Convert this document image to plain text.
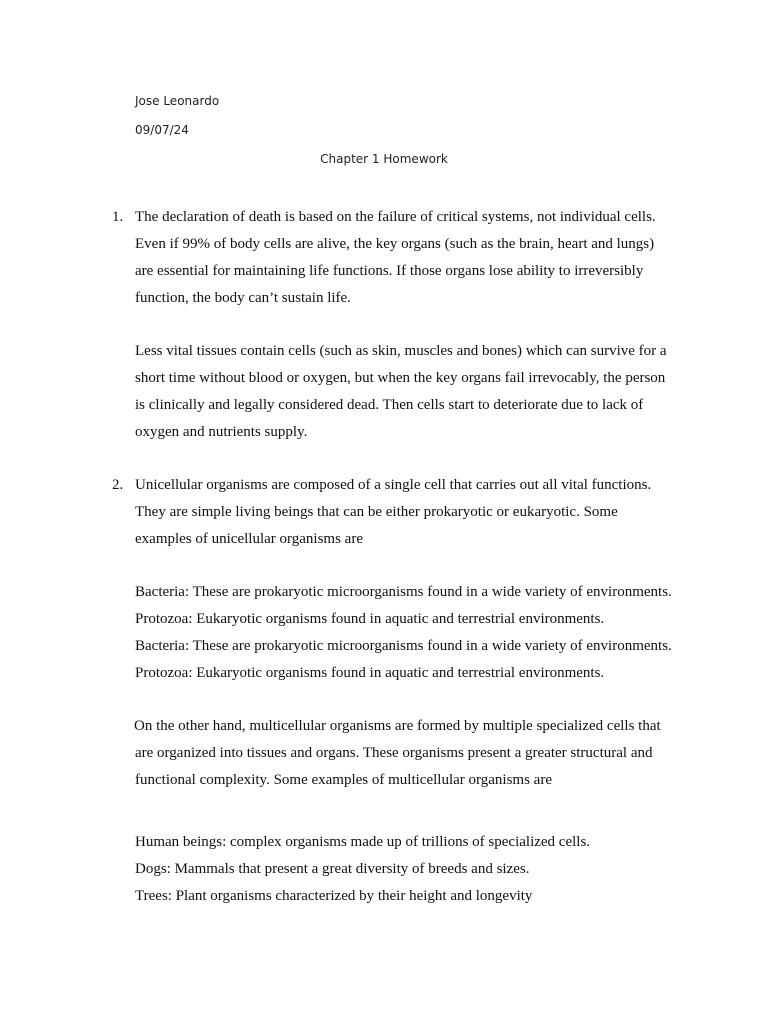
Jose Leonardo
09/07/24
Chapter 1 Homework
1. The declaration of death is based on the failure of critical systems, not individual cells.
Even if 99% of body cells are alive, the key organs (such as the brain, heart and lungs)
are essential for maintaining life functions. If those organs lose ability to irreversibly
function, the body can’t sustain life.
Less vital tissues contain cells (such as skin, muscles and bones) which can survive for a
short time without blood or oxygen, but when the key organs fail irrevocably, the person
is clinically and legally considered dead. Then cells start to deteriorate due to lack of
oxygen and nutrients supply.
2. Unicellular organisms are composed of a single cell that carries out all vital functions.
They are simple living beings that can be either prokaryotic or eukaryotic. Some
examples of unicellular organisms are
Bacteria: These are prokaryotic microorganisms found in a wide variety of environments.
Protozoa: Eukaryotic organisms found in aquatic and terrestrial environments.
Bacteria: These are prokaryotic microorganisms found in a wide variety of environments.
Protozoa: Eukaryotic organisms found in aquatic and terrestrial environments.
On the other hand, multicellular organisms are formed by multiple specialized cells that
are organized into tissues and organs. These organisms present a greater structural and
functional complexity. Some examples of multicellular organisms are
Human beings: complex organisms made up of trillions of specialized cells.
Dogs: Mammals that present a great diversity of breeds and sizes.
Trees: Plant organisms characterized by their height and longevity
